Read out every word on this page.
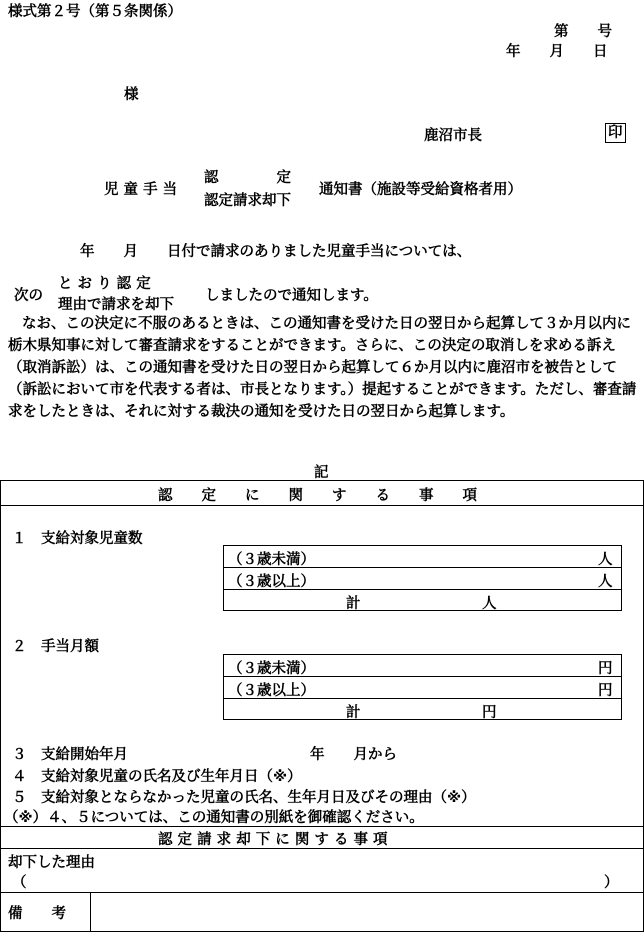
様式第２号（第５条関係）
第　　号
年　　月　　日
様
鹿沼市長	印
児 童 手 当
認　　　　定
認定請求却下
通知書（施設等受給資格者用）
年　　月　　日付で請求のありました児童手当については、
次の
と お り 認 定
理由で請求を却下
しましたので通知します。
なお、この決定に不服のあるときは、この通知書を受けた日の翌日から起算して３か月以内に栃木県知事に対して審査請求をすることができます。さらに、この決定の取消しを求める訴え（取消訴訟）は、この通知書を受けた日の翌日から起算して６か月以内に鹿沼市を被告として（訴訟において市を代表する者は、市長となります。）提起することができます。ただし、審査請求をしたときは、それに対する裁決の通知を受けた日の翌日から起算します。
記
認　　定　　に　　関　　す　　る　　事　　項
１　支給対象児童数
（３歳未満）	人
（３歳以上）	人
計	人
２　手当月額
（３歳未満）	円
（３歳以上）	円
計	円
３　支給開始年月	年　　月から
４　支給対象児童の氏名及び生年月日（※）
５　支給対象とならなかった児童の氏名、生年月日及びその理由（※）
（※）４、５については、この通知書の別紙を御確認ください。
認 定 請 求 却 下 に 関 す る 事 項
却下した理由
（	）
備　　考
